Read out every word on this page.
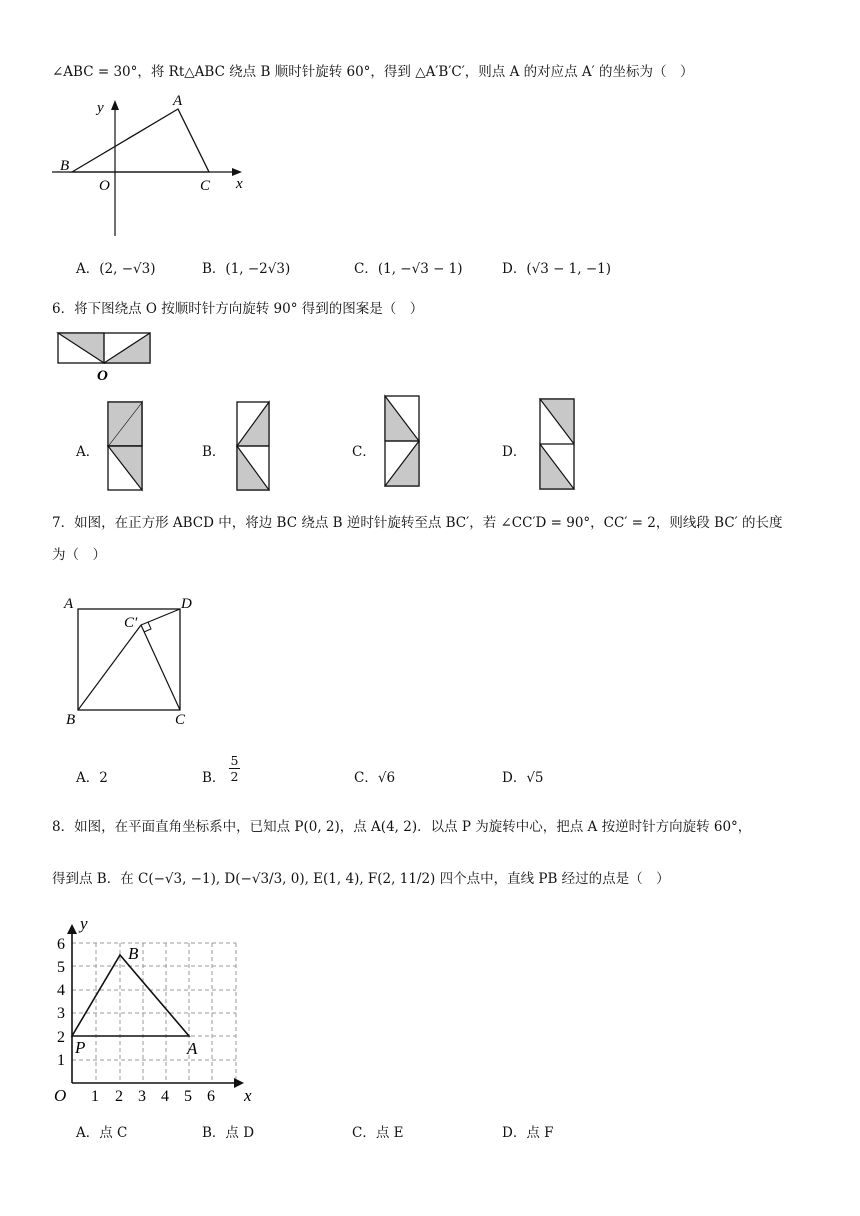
∠ABC = 30°，将 Rt△ABC 绕点 B 顺时针旋转 60°，得到 △A′B′C′，则点 A 的对应点 A′ 的坐标为（　）
y	A
B
O	C x
A．(2, −√3)	B．(1, −2√3)	C．(1, −√3 − 1)	D．(√3 − 1, −1)
6．将下图绕点 O 按顺时针方向旋转 90° 得到的图案是（　）
O
A．	B．	C．	D．
7．如图，在正方形 ABCD 中，将边 BC 绕点 B 逆时针旋转至点 BC′，若 ∠CC′D = 90°，CC′ = 2，则线段 BC′ 的长度
为（　）
A	D
C′
B	C
A．2	B．
5
2	C．√6	D．√5
8．如图，在平面直角坐标系中，已知点 P(0, 2)，点 A(4, 2)．以点 P 为旋转中心，把点 A 按逆时针方向旋转 60°，
得到点 B．在 C(−√3, −1), D(−√3/3, 0), E(1, 4), F(2, 11/2) 四个点中，直线 PB 经过的点是（　）
y
B
P	A
O	x
1
2
3
4
5
6
1 2 3 4 5 6
A．点 C	B．点 D	C．点 E	D．点 F
